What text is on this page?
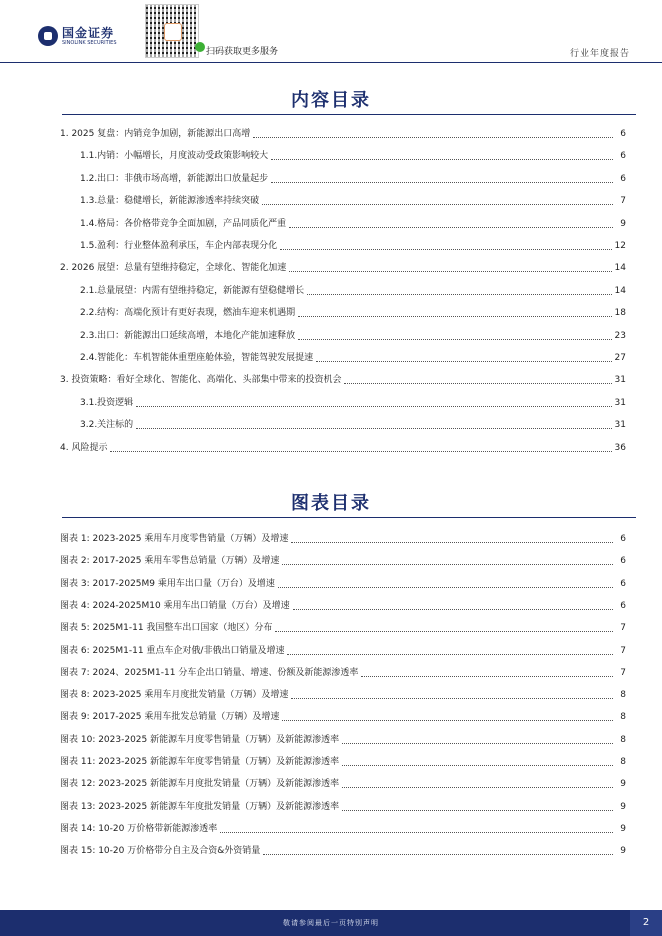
国金证券
SINOLINK SECURITIES
扫码获取更多服务	行业年度报告
内容目录
1. 2025 复盘：内销竞争加剧，新能源出口高增	6
1.1.内销：小幅增长，月度波动受政策影响较大	6
1.2.出口：非俄市场高增，新能源出口放量起步	6
1.3.总量：稳健增长，新能源渗透率持续突破	7
1.4.格局：各价格带竞争全面加剧，产品同质化严重	9
1.5.盈利：行业整体盈利承压，车企内部表现分化	12
2. 2026 展望：总量有望维持稳定，全球化、智能化加速	14
2.1.总量展望：内需有望维持稳定，新能源有望稳健增长	14
2.2.结构：高端化预计有更好表现，燃油车迎来机遇期	18
2.3.出口：新能源出口延续高增，本地化产能加速释放	23
2.4.智能化：车机智能体重塑座舱体验，智能驾驶发展提速	27
3. 投资策略：看好全球化、智能化、高端化、头部集中带来的投资机会	31
3.1.投资逻辑	31
3.2.关注标的	31
4. 风险提示	36
图表目录
图表 1: 2023-2025 乘用车月度零售销量（万辆）及增速	6
图表 2: 2017-2025 乘用车零售总销量（万辆）及增速	6
图表 3: 2017-2025M9 乘用车出口量（万台）及增速	6
图表 4: 2024-2025M10 乘用车出口销量（万台）及增速	6
图表 5: 2025M1-11 我国整车出口国家（地区）分布	7
图表 6: 2025M1-11 重点车企对俄/非俄出口销量及增速	7
图表 7: 2024、2025M1-11 分车企出口销量、增速、份额及新能源渗透率	7
图表 8: 2023-2025 乘用车月度批发销量（万辆）及增速	8
图表 9: 2017-2025 乘用车批发总销量（万辆）及增速	8
图表 10: 2023-2025 新能源车月度零售销量（万辆）及新能源渗透率	8
图表 11: 2023-2025 新能源车年度零售销量（万辆）及新能源渗透率	8
图表 12: 2023-2025 新能源车月度批发销量（万辆）及新能源渗透率	9
图表 13: 2023-2025 新能源车年度批发销量（万辆）及新能源渗透率	9
图表 14: 10-20 万价格带新能源渗透率	9
图表 15: 10-20 万价格带分自主及合资&外资销量	9
敬请参阅最后一页特别声明	2
